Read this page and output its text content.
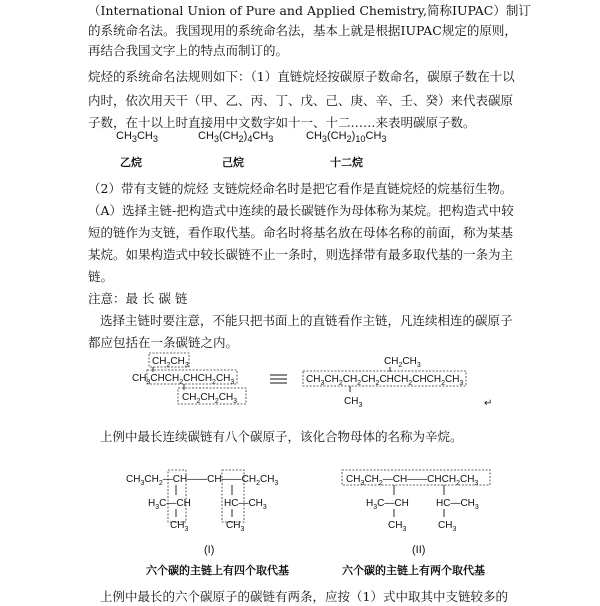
（International Union of Pure and Applied Chemistry,简称IUPAC）制订
的系统命名法。我国现用的系统命名法，基本上就是根据IUPAC规定的原则，
再结合我国文字上的特点而制订的。
烷烃的系统命名法规则如下：（1）直链烷烃按碳原子数命名，碳原子数在十以
内时，依次用天干（甲、乙、丙、丁、戊、己、庚、辛、壬、癸）来代表碳原
子数，在十以上时直接用中文数字如十一、十二……来表明碳原子数。
$CH_3CH_3$	$CH_3(CH_2)_4CH_3$	$CH_3(CH_2)_{10}CH_3$
乙烷	己烷	十二烷
（2）带有支链的烷烃 支链烷烃命名时是把它看作是直链烷烃的烷基衍生物。
（A）选择主链-把构造式中连续的最长碳链作为母体称为某烷。把构造式中较
短的链作为支链，看作取代基。命名时将基名放在母体名称的前面，称为某基
某烷。如果构造式中较长碳链不止一条时，则选择带有最多取代基的一条为主
链。
注意：最 长 碳 链
选择主链时要注意，不能只把书面上的直链看作主链，凡连续相连的碳原子
都应包括在一条碳链之内。
$CH_2CH_3$
$CH_3CHCH_2CHCH_2CH_3$
$CH_2CH_2CH_3$
$CH_2CH_3$
$CH_3CH_2CH_2CH_2CHCH_2CHCH_2CH_3$
$CH_3$	↵
上例中最长连续碳链有八个碳原子，该化合物母体的名称为辛烷。
$CH_3CH_2—CH——CH——CH_2CH_3$
$H_3C—CH$	$HC—CH_3$
$CH_3$	$CH_3$
$CH_3CH_2—CH——CHCH_2CH_3$
$H_3C—CH$	$HC—CH_3$
$CH_3$	$CH_3$
(I)	(II)
六个碳的主链上有四个取代基	六个碳的主链上有两个取代基
上例中最长的六个碳原子的碳链有两条，应按（1）式中取其中支链较多的
